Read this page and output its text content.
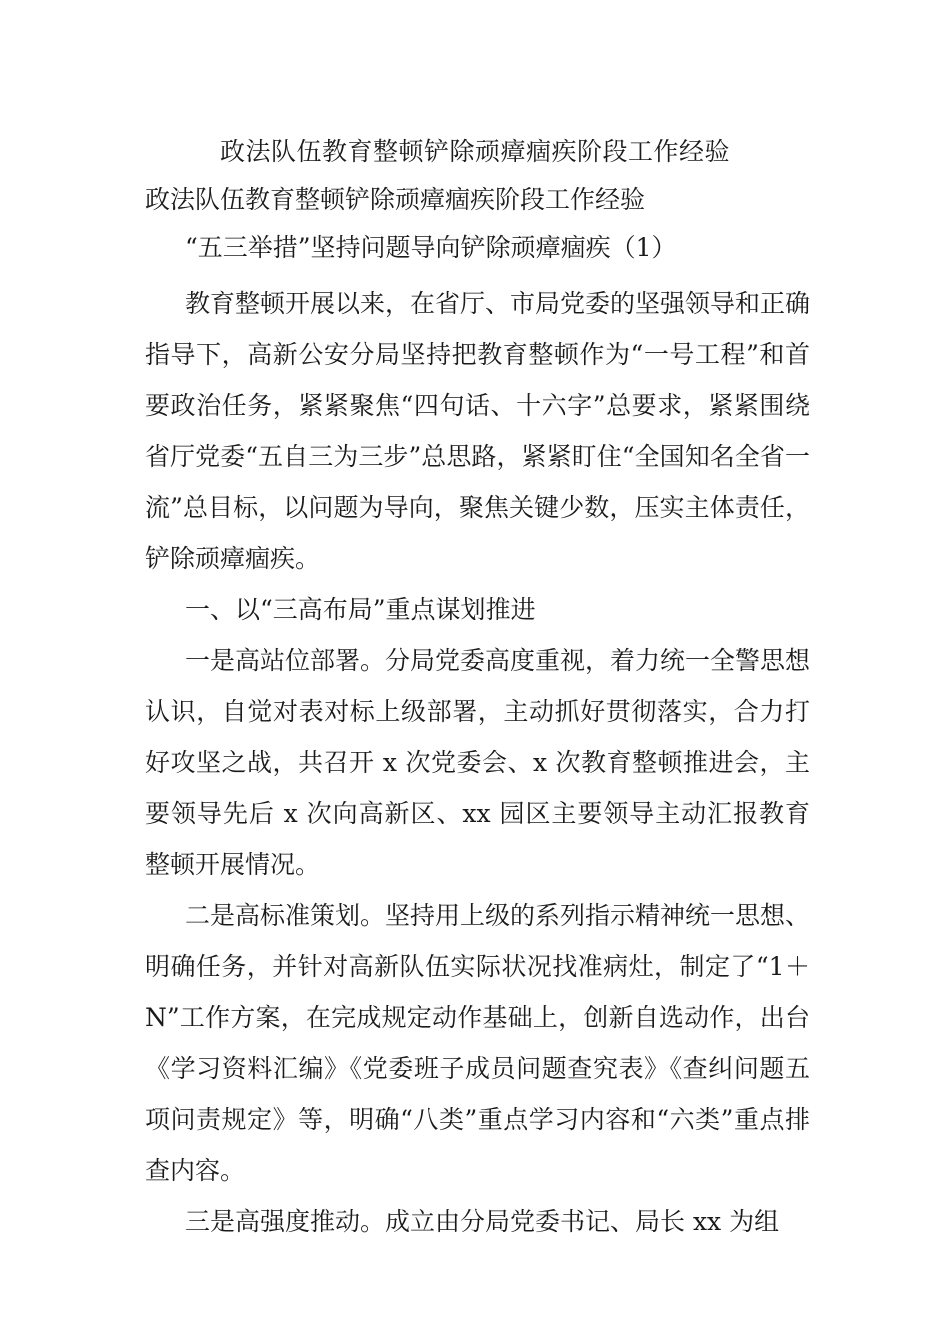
政法队伍教育整顿铲除顽瘴痼疾阶段工作经验
政法队伍教育整顿铲除顽瘴痼疾阶段工作经验
“五三举措”坚持问题导向铲除顽瘴痼疾（1）

教育整顿开展以来，在省厅、市局党委的坚强领导和正确指导下，高新公安分局坚持把教育整顿作为“一号工程”和首要政治任务，紧紧聚焦“四句话、十六字”总要求，紧紧围绕省厅党委“五自三为三步”总思路，紧紧盯住“全国知名全省一流”总目标，以问题为导向，聚焦关键少数，压实主体责任，铲除顽瘴痼疾。

一、以“三高布局”重点谋划推进

一是高站位部署。分局党委高度重视，着力统一全警思想认识，自觉对表对标上级部署，主动抓好贯彻落实，合力打好攻坚之战，共召开 x 次党委会、x 次教育整顿推进会，主要领导先后 x 次向高新区、xx 园区主要领导主动汇报教育整顿开展情况。

二是高标准策划。坚持用上级的系列指示精神统一思想、明确任务，并针对高新队伍实际状况找准病灶，制定了“1＋N”工作方案，在完成规定动作基础上，创新自选动作，出台《学习资料汇编》《党委班子成员问题查究表》《查纠问题五项问责规定》等，明确“八类”重点学习内容和“六类”重点排查内容。

三是高强度推动。成立由分局党委书记、局长 xx 为组
